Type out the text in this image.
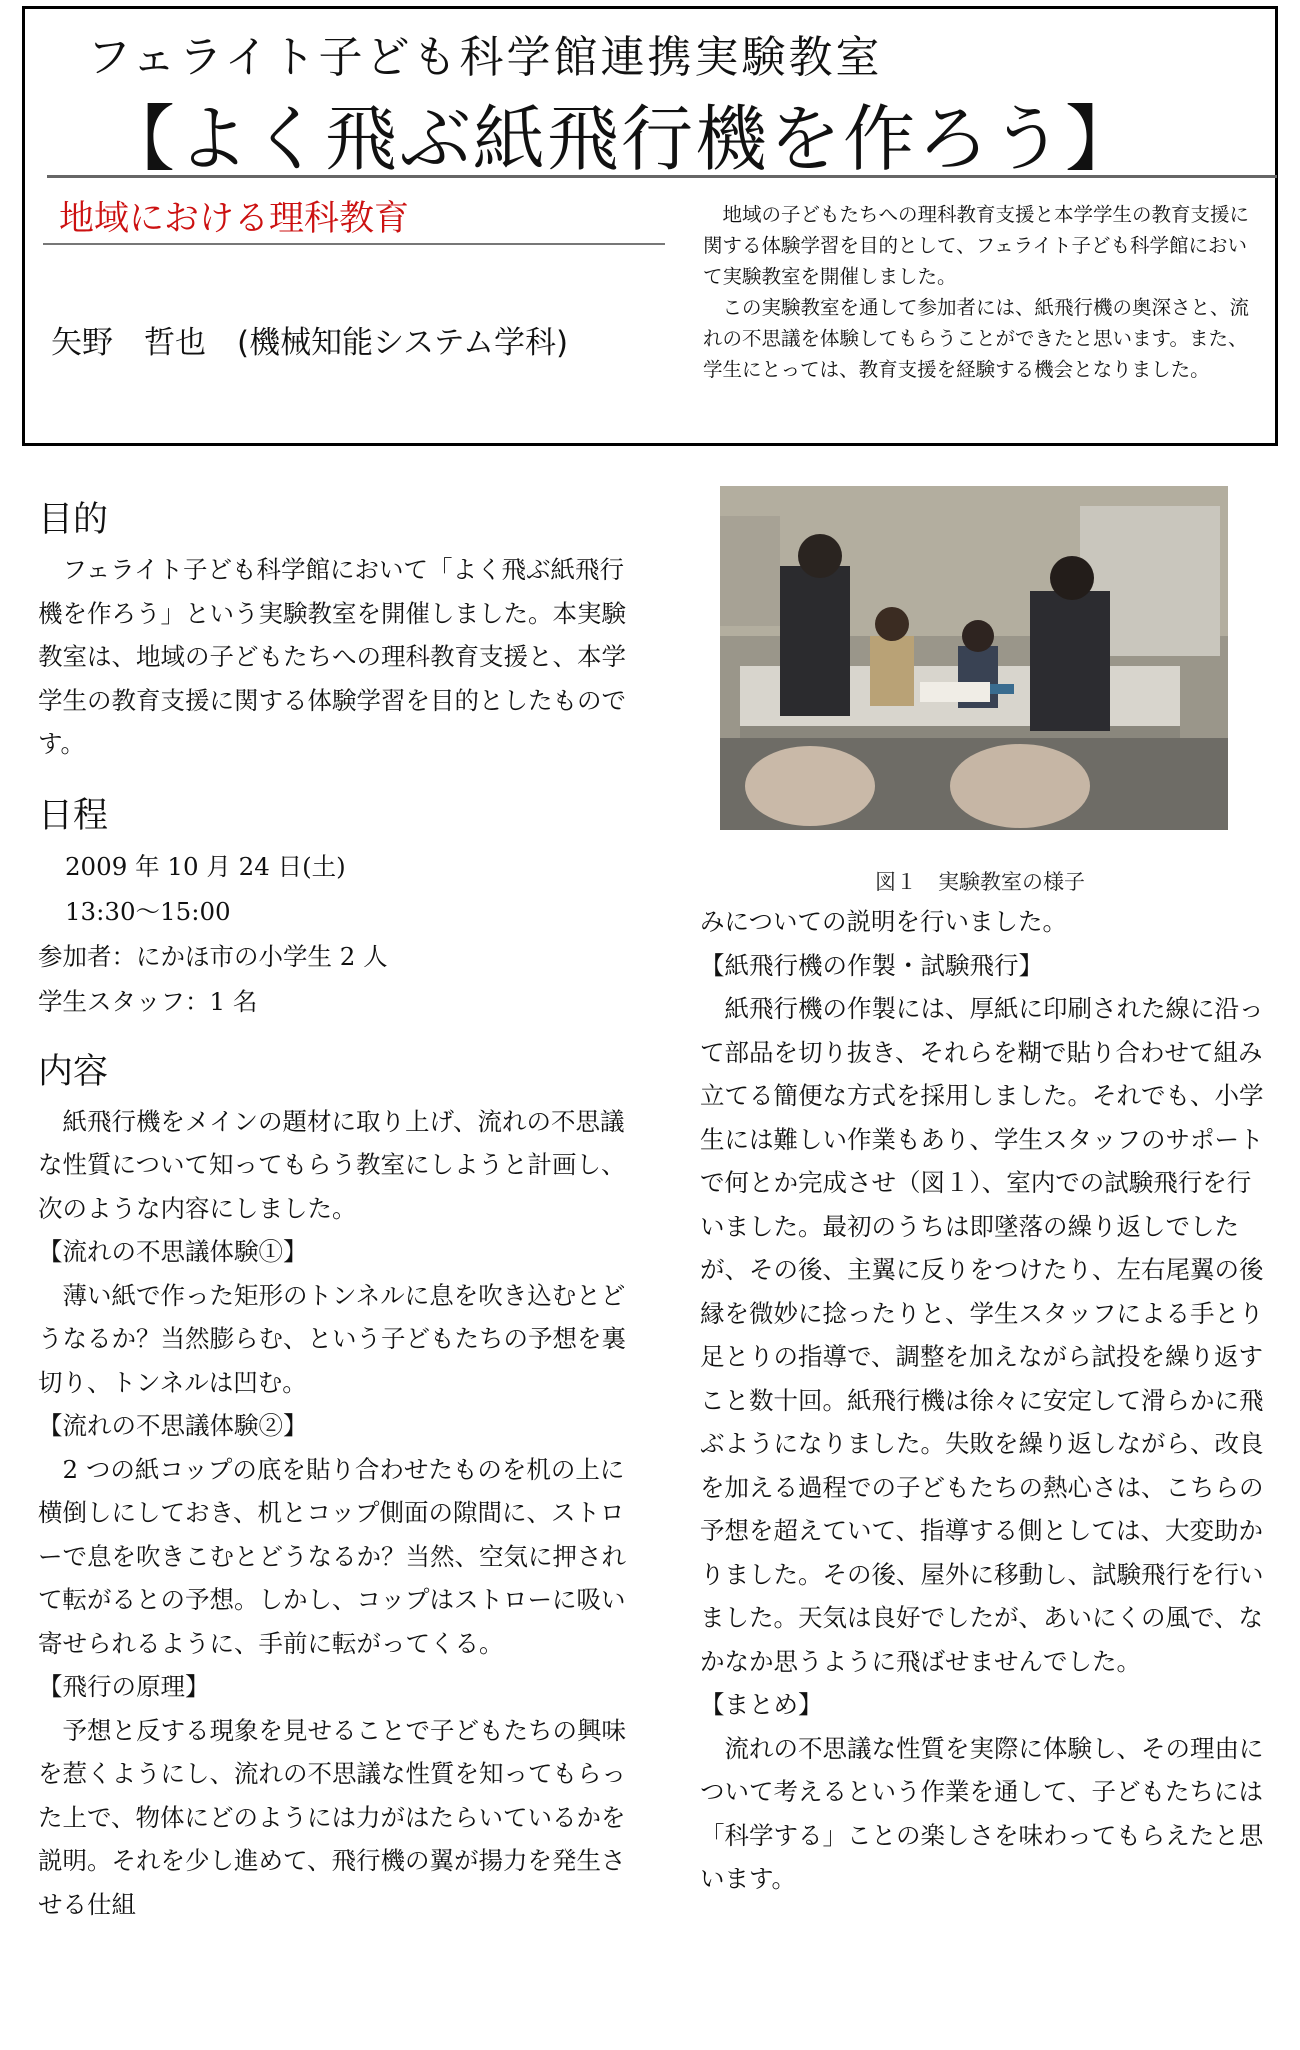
フェライト子ども科学館連携実験教室
【よく飛ぶ紙飛行機を作ろう】
地域における理科教育
矢野　哲也　(機械知能システム学科)

地域の子どもたちへの理科教育支援と本学学生の教育支援に関する体験学習を目的として、フェライト子ども科学館において実験教室を開催しました。

この実験教室を通して参加者には、紙飛行機の奥深さと、流れの不思議を体験してもらうことができたと思います。また、学生にとっては、教育支援を経験する機会となりました。

目的
フェライト子ども科学館において「よく飛ぶ紙飛行機を作ろう」という実験教室を開催しました。本実験教室は、地域の子どもたちへの理科教育支援と、本学学生の教育支援に関する体験学習を目的としたものです。
日程
2009 年 10 月 24 日(土)
13:30～15:00
参加者：にかほ市の小学生 2 人
学生スタッフ：1 名
内容
紙飛行機をメインの題材に取り上げ、流れの不思議な性質について知ってもらう教室にしようと計画し、次のような内容にしました。
【流れの不思議体験①】
薄い紙で作った矩形のトンネルに息を吹き込むとどうなるか？当然膨らむ、という子どもたちの予想を裏切り、トンネルは凹む。
【流れの不思議体験②】
2 つの紙コップの底を貼り合わせたものを机の上に横倒しにしておき、机とコップ側面の隙間に、ストローで息を吹きこむとどうなるか？当然、空気に押されて転がるとの予想。しかし、コップはストローに吸い寄せられるように、手前に転がってくる。
【飛行の原理】
予想と反する現象を見せることで子どもたちの興味を惹くようにし、流れの不思議な性質を知ってもらった上で、物体にどのようには力がはたらいているかを説明。それを少し進めて、飛行機の翼が揚力を発生させる仕組
図１　実験教室の様子
みについての説明を行いました。
【紙飛行機の作製・試験飛行】
紙飛行機の作製には、厚紙に印刷された線に沿って部品を切り抜き、それらを糊で貼り合わせて組み立てる簡便な方式を採用しました。それでも、小学生には難しい作業もあり、学生スタッフのサポートで何とか完成させ（図１）、室内での試験飛行を行いました。最初のうちは即墜落の繰り返しでしたが、その後、主翼に反りをつけたり、左右尾翼の後縁を微妙に捻ったりと、学生スタッフによる手とり足とりの指導で、調整を加えながら試投を繰り返すこと数十回。紙飛行機は徐々に安定して滑らかに飛ぶようになりました。失敗を繰り返しながら、改良を加える過程での子どもたちの熱心さは、こちらの予想を超えていて、指導する側としては、大変助かりました。その後、屋外に移動し、試験飛行を行いました。天気は良好でしたが、あいにくの風で、なかなか思うように飛ばせませんでした。
【まとめ】
流れの不思議な性質を実際に体験し、その理由について考えるという作業を通して、子どもたちには「科学する」ことの楽しさを味わってもらえたと思います。
